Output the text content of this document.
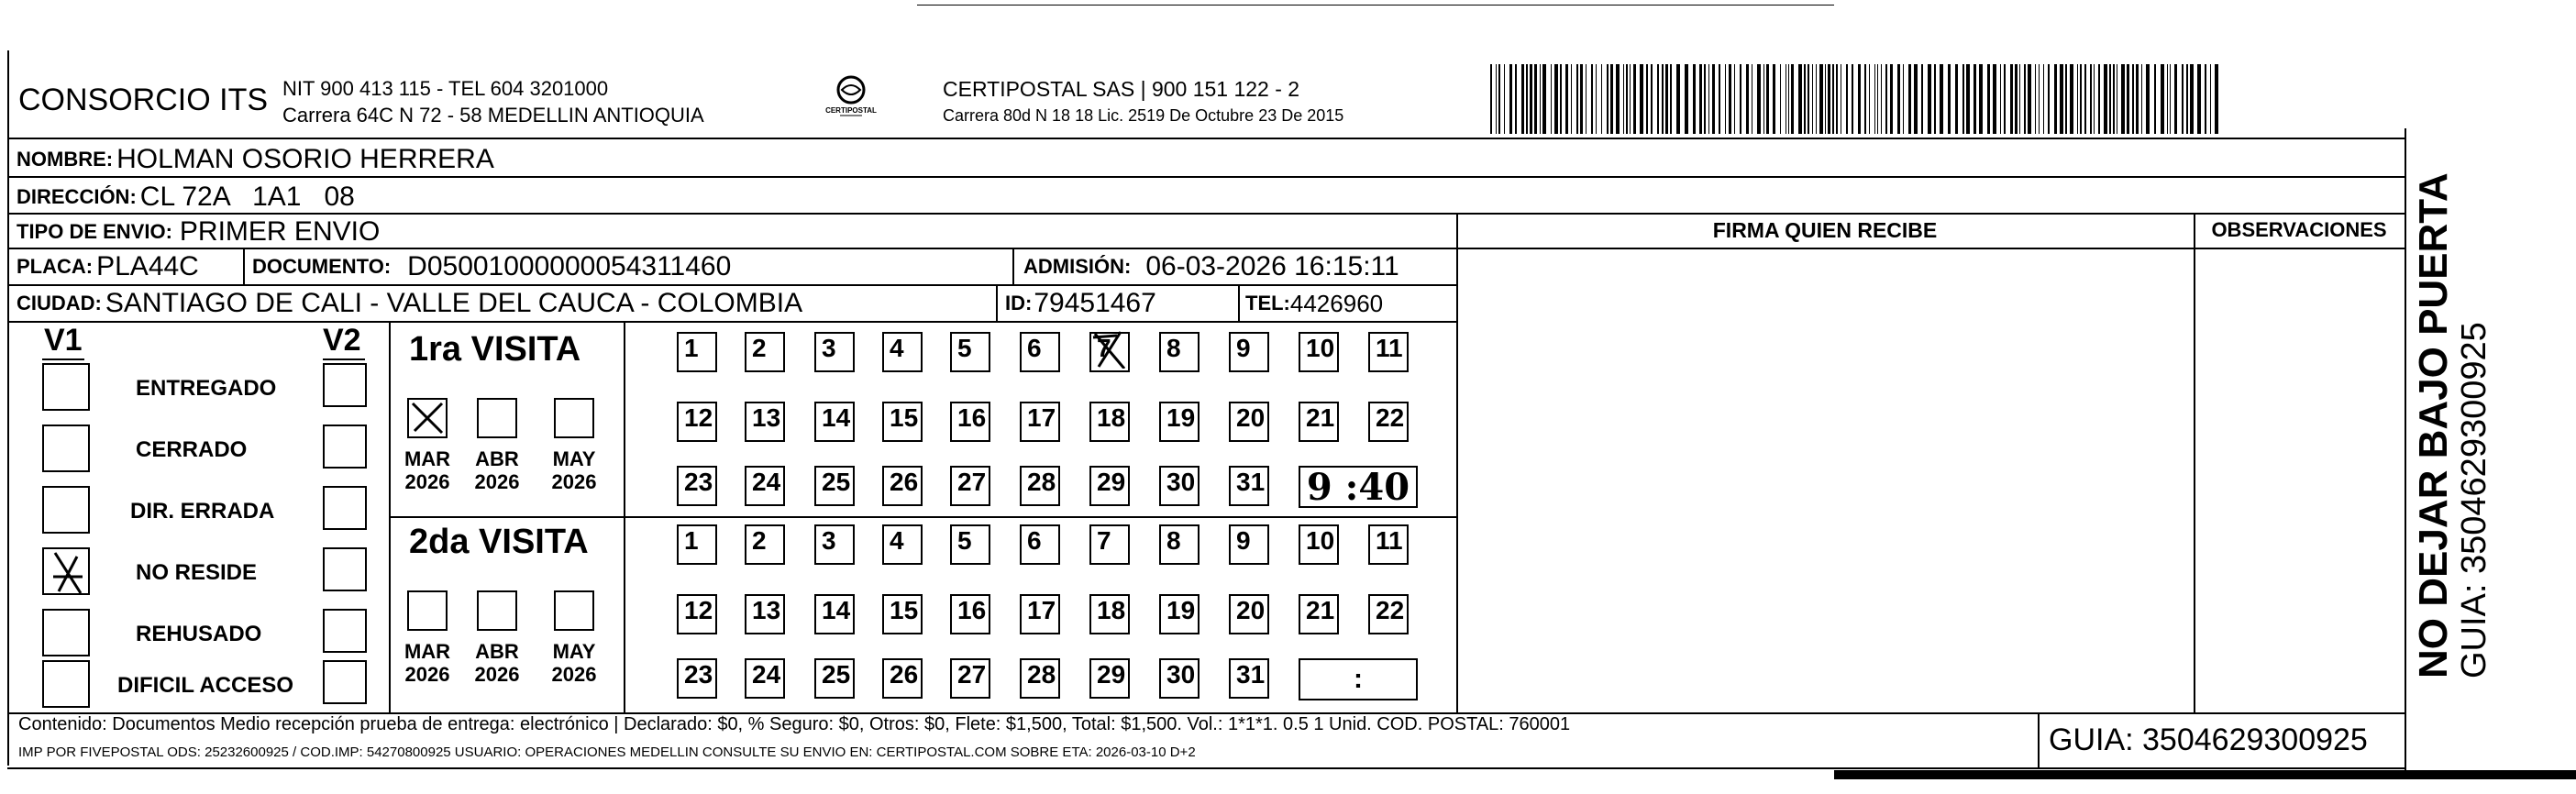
CONSORCIO ITS NIT 900 413 115 - TEL 604 3201000
Carrera 64C N 72 - 58 MEDELLIN ANTIOQUIA	CERTIPOSTAL
CERTIPOSTAL SAS | 900 151 122 - 2
Carrera 80d N 18 18 Lic. 2519 De Octubre 23 De 2015
NOMBRE: HOLMAN OSORIO HERRERA
DIRECCIÓN: CL 72A   1A1   08
TIPO DE ENVIO: PRIMER ENVIO
PLACA: PLA44C	DOCUMENTO: D05001000000054311460	ADMISIÓN: 06-03-2026 16:15:11
CIUDAD: SANTIAGO DE CALI - VALLE DEL CAUCA - COLOMBIA	ID: 79451467	TEL: 4426960
FIRMA QUIEN RECIBE	OBSERVACIONES
V1	V2
ENTREGADO
CERRADO
DIR. ERRADA
NO RESIDE
REHUSADO
DIFICIL ACCESO
1ra VISITA
2da VISITA
MAR
2026
ABR
2026
MAY
2026
MAR
2026
ABR
2026
MAY
2026
1 2 3 4 5 6 7 8 9 10 11
12 13 14 15 16 17 18 19 20 21 22
23 24 25 26 27 28 29 30 31 9 :40
1 2 3 4 5 6 7 8 9 10 11
12 13 14 15 16 17 18 19 20 21 22
23 24 25 26 27 28 29 30 31	:
Contenido: Documentos Medio recepción prueba de entrega: electrónico | Declarado: $0, % Seguro: $0, Otros: $0, Flete: $1,500, Total: $1,500. Vol.: 1*1*1. 0.5 1 Unid. COD. POSTAL: 760001
IMP POR FIVEPOSTAL ODS: 25232600925 / COD.IMP: 54270800925 USUARIO: OPERACIONES MEDELLIN CONSULTE SU ENVIO EN: CERTIPOSTAL.COM SOBRE ETA: 2026-03-10 D+2	GUIA: 3504629300925
NO DEJAR BAJO PUERTA GUIA: 3504629300925
